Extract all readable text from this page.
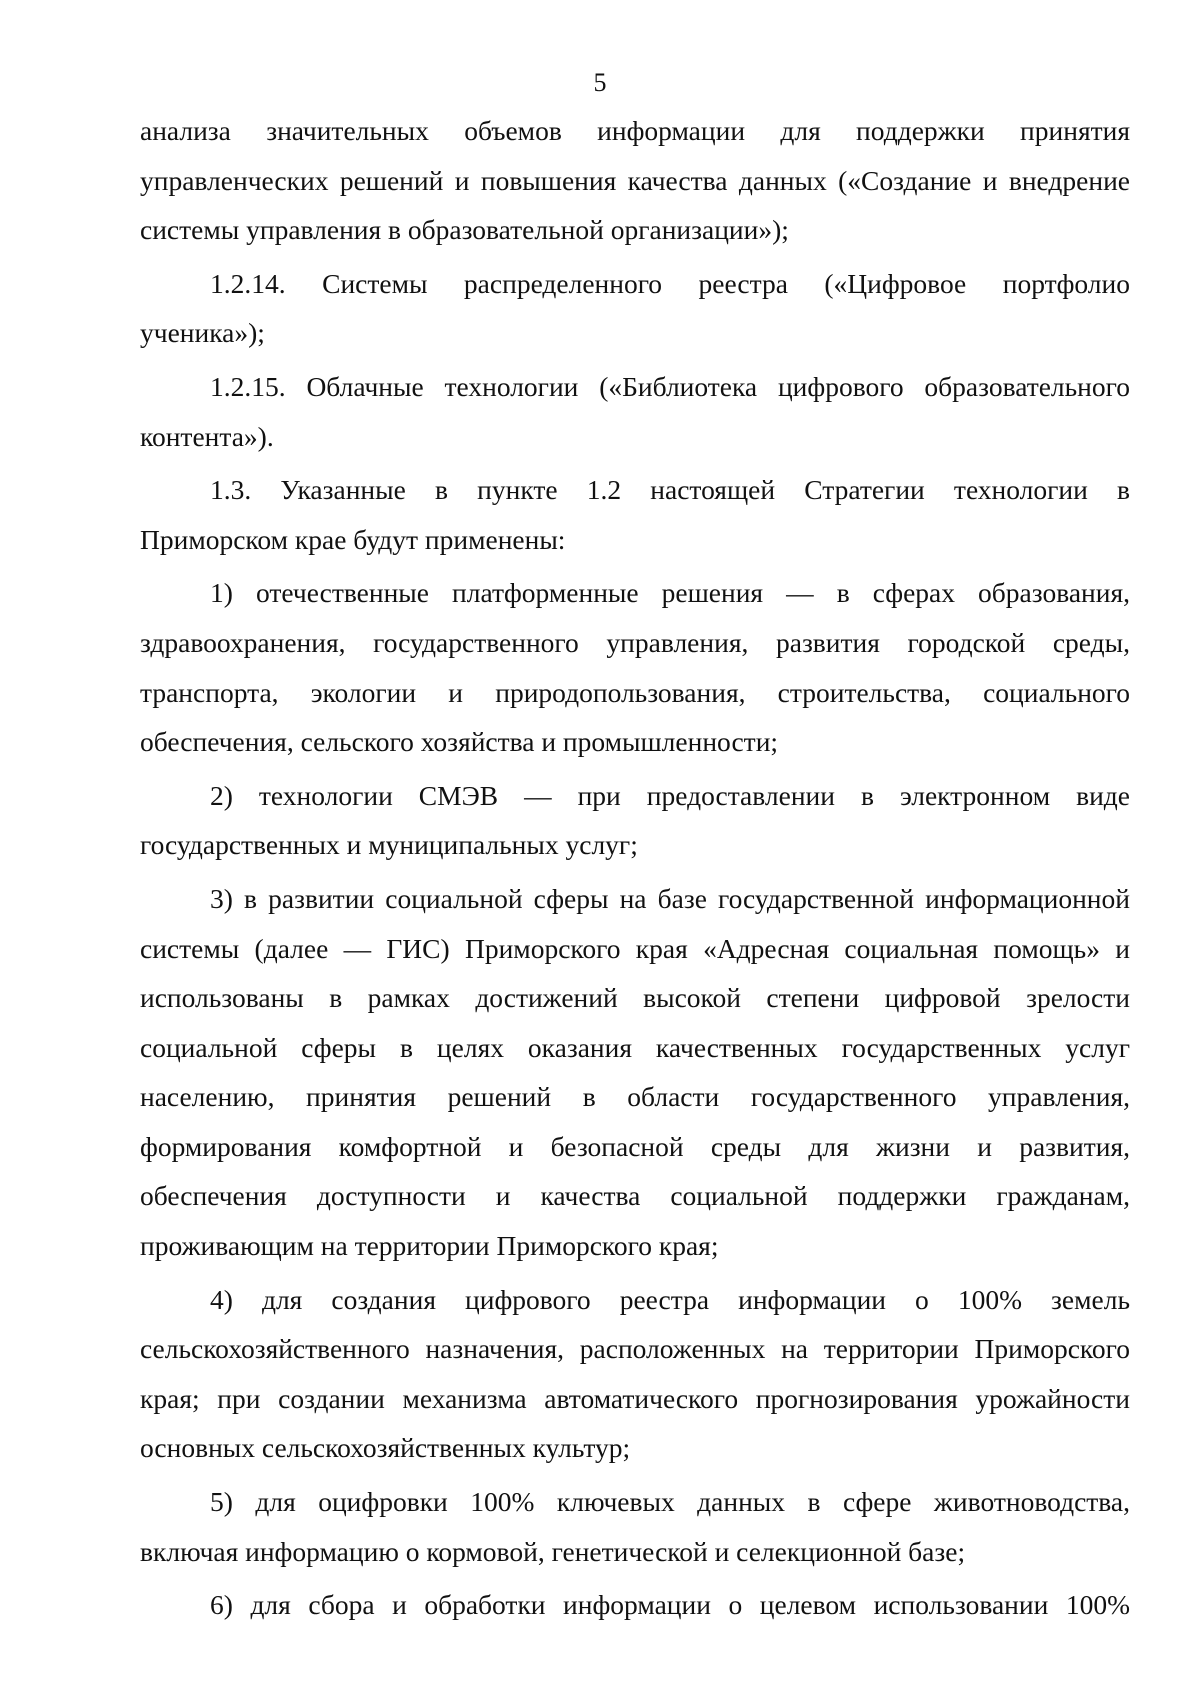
5
анализа значительных объемов информации для поддержки принятия
управленческих решений и повышения качества данных («Создание и внедрение
системы управления в образовательной организации»);
1.2.14. Системы распределенного реестра («Цифровое портфолио
ученика»);
1.2.15. Облачные технологии («Библиотека цифрового образовательного
контента»).
1.3. Указанные в пункте 1.2 настоящей Стратегии технологии в
Приморском крае будут применены:
1) отечественные платформенные решения — в сферах образования,
здравоохранения, государственного управления, развития городской среды,
транспорта, экологии и природопользования, строительства, социального
обеспечения, сельского хозяйства и промышленности;
2) технологии СМЭВ — при предоставлении в электронном виде
государственных и муниципальных услуг;
3) в развитии социальной сферы на базе государственной информационной
системы (далее — ГИС) Приморского края «Адресная социальная помощь» и
использованы в рамках достижений высокой степени цифровой зрелости
социальной сферы в целях оказания качественных государственных услуг
населению, принятия решений в области государственного управления,
формирования комфортной и безопасной среды для жизни и развития,
обеспечения доступности и качества социальной поддержки гражданам,
проживающим на территории Приморского края;
4) для создания цифрового реестра информации о 100% земель
сельскохозяйственного назначения, расположенных на территории Приморского
края; при создании механизма автоматического прогнозирования урожайности
основных сельскохозяйственных культур;
5) для оцифровки 100% ключевых данных в сфере животноводства,
включая информацию о кормовой, генетической и селекционной базе;
6) для сбора и обработки информации о целевом использовании 100%
